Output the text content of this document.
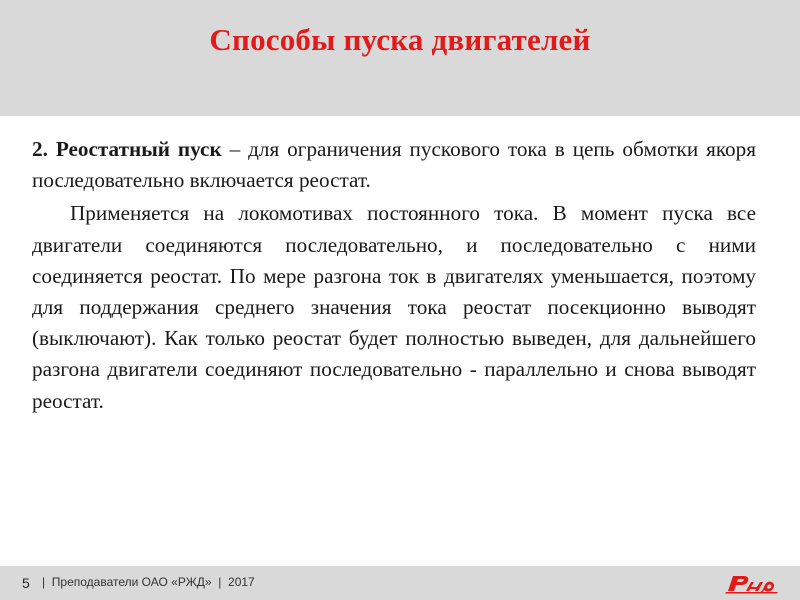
Способы пуска двигателей

2. Реостатный пуск – для ограничения пускового тока в цепь обмотки якоря последовательно включается реостат.

Применяется на локомотивах постоянного тока. В момент пуска все двигатели соединяются последовательно, и последовательно с ними соединяется реостат. По мере разгона ток в двигателях уменьшается, поэтому для поддержания среднего значения тока реостат посекционно выводят (выключают). Как только реостат будет полностью выведен, для дальнейшего разгона двигатели соединяют последовательно - параллельно и снова выводят реостат.

5 |  Преподаватели ОАО «РЖД»  |  2017
